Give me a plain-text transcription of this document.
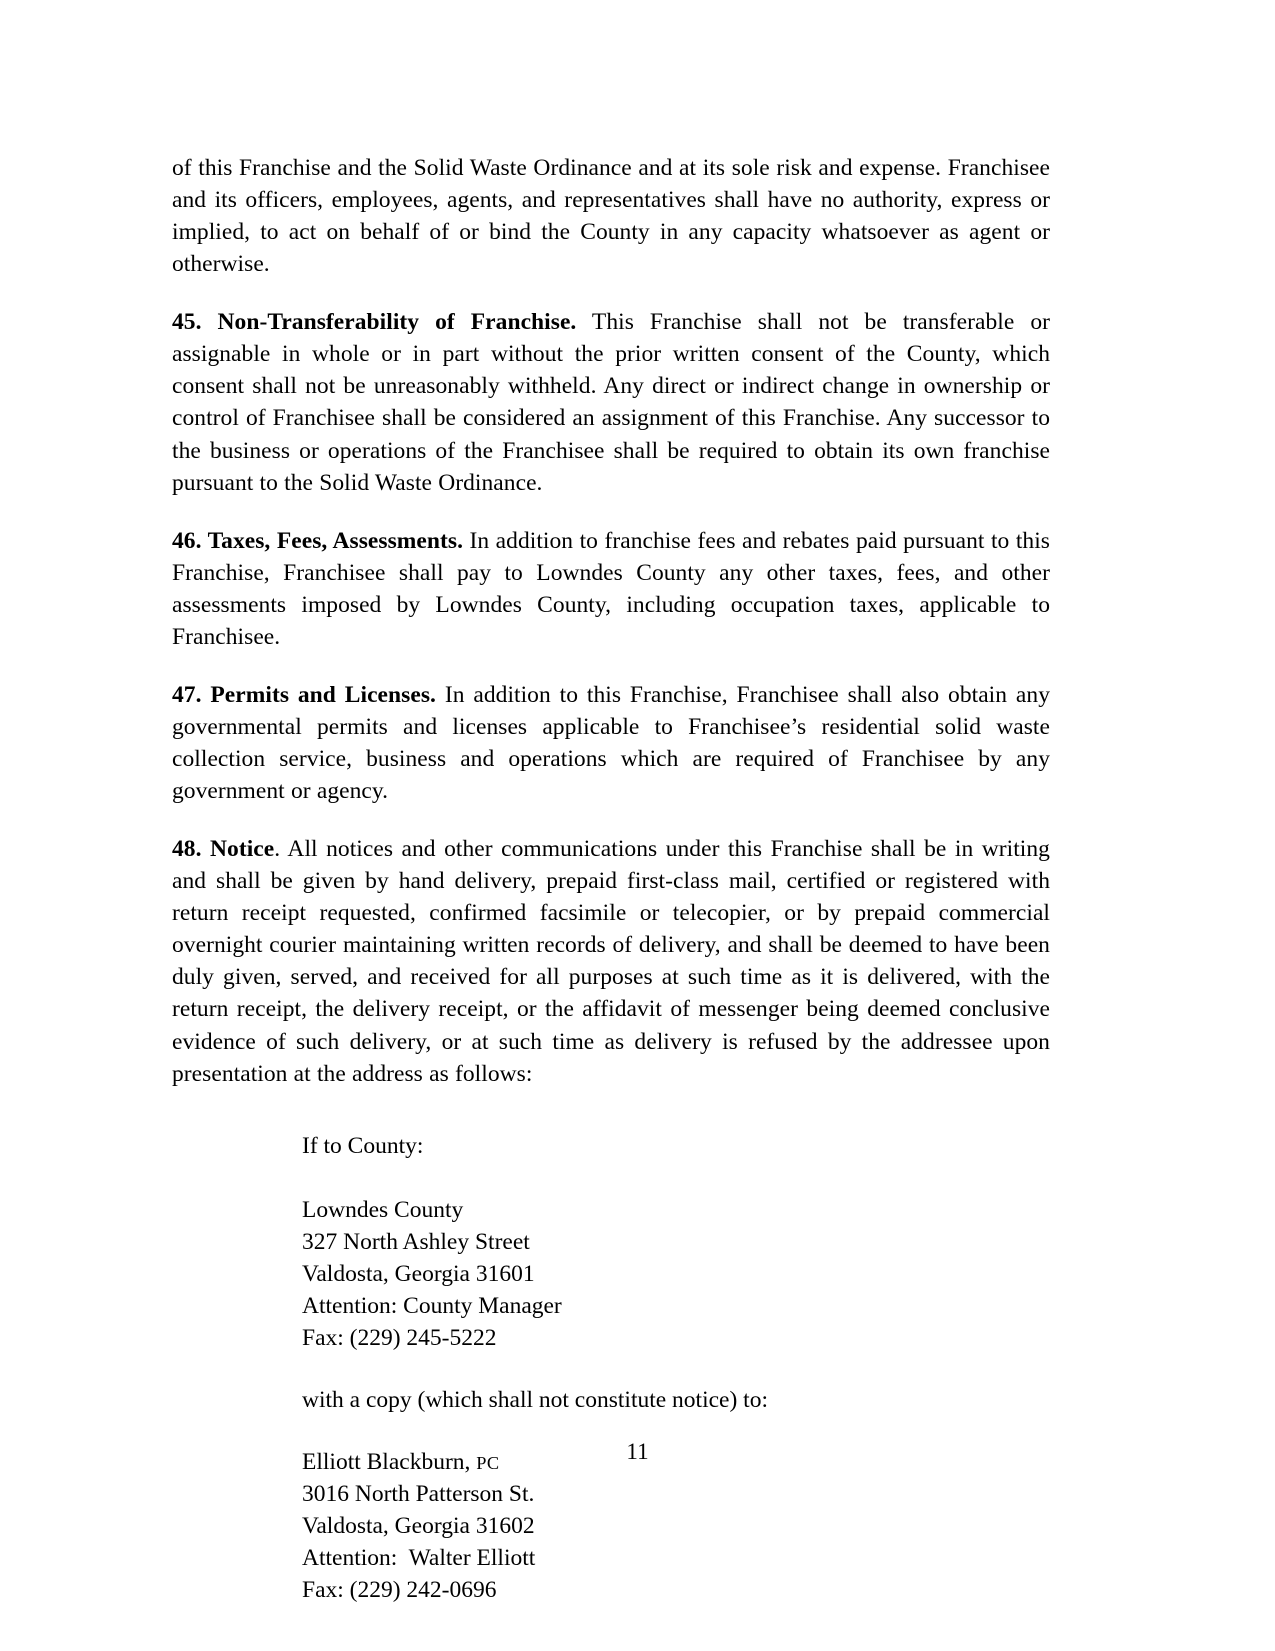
of this Franchise and the Solid Waste Ordinance and at its sole risk and expense. Franchisee and its officers, employees, agents, and representatives shall have no authority, express or implied, to act on behalf of or bind the County in any capacity whatsoever as agent or otherwise.

45. Non-Transferability of Franchise. This Franchise shall not be transferable or assignable in whole or in part without the prior written consent of the County, which consent shall not be unreasonably withheld. Any direct or indirect change in ownership or control of Franchisee shall be considered an assignment of this Franchise. Any successor to the business or operations of the Franchisee shall be required to obtain its own franchise pursuant to the Solid Waste Ordinance.

46. Taxes, Fees, Assessments. In addition to franchise fees and rebates paid pursuant to this Franchise, Franchisee shall pay to Lowndes County any other taxes, fees, and other assessments imposed by Lowndes County, including occupation taxes, applicable to Franchisee.

47. Permits and Licenses. In addition to this Franchise, Franchisee shall also obtain any governmental permits and licenses applicable to Franchisee’s residential solid waste collection service, business and operations which are required of Franchisee by any government or agency.

48. Notice. All notices and other communications under this Franchise shall be in writing and shall be given by hand delivery, prepaid first-class mail, certified or registered with return receipt requested, confirmed facsimile or telecopier, or by prepaid commercial overnight courier maintaining written records of delivery, and shall be deemed to have been duly given, served, and received for all purposes at such time as it is delivered, with the return receipt, the delivery receipt, or the affidavit of messenger being deemed conclusive evidence of such delivery, or at such time as delivery is refused by the addressee upon presentation at the address as follows:

If to County:

Lowndes County
327 North Ashley Street
Valdosta, Georgia 31601
Attention: County Manager
Fax: (229) 245-5222

with a copy (which shall not constitute notice) to:

Elliott Blackburn, PC
3016 North Patterson St.
Valdosta, Georgia 31602
Attention:  Walter Elliott
Fax: (229) 242-0696
11
